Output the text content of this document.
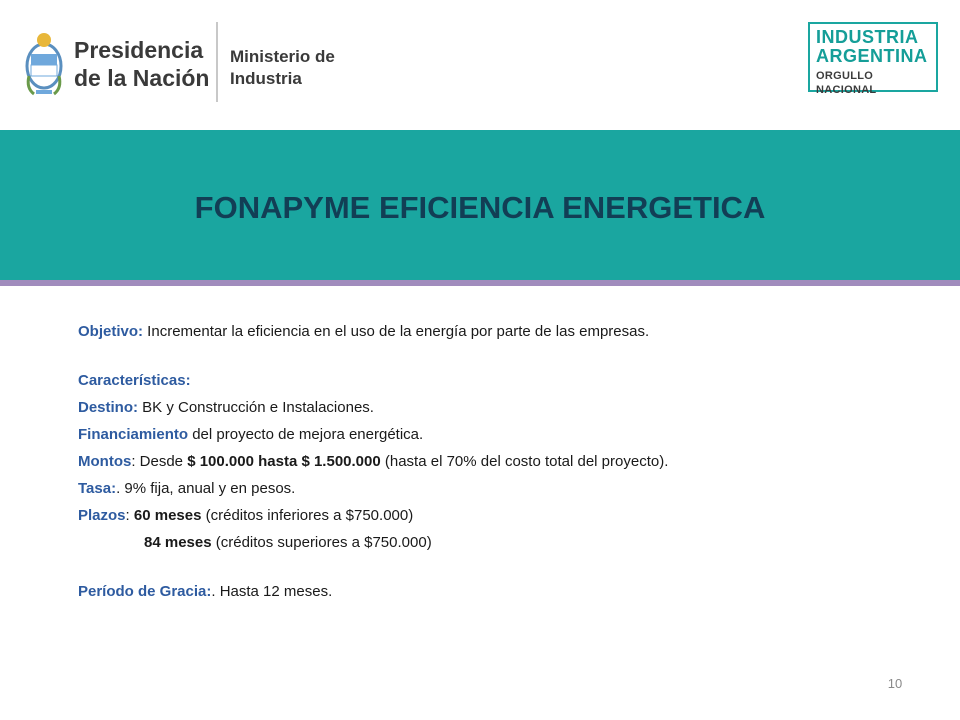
Presidencia
de la Nación
Ministerio de
Industria
INDUSTRIA
ARGENTINA
ORGULLO NACIONAL
FONAPYME EFICIENCIA ENERGETICA
Objetivo: Incrementar la eficiencia en el uso de la energía por parte de las empresas.
Características:
Destino: BK y Construcción e Instalaciones.
Financiamiento del proyecto de mejora energética.
Montos: Desde $ 100.000 hasta $ 1.500.000 (hasta el 70% del costo total del proyecto).
Tasa:. 9% fija, anual y en pesos.
Plazos: 60 meses (créditos inferiores a $750.000)
84 meses (créditos superiores a $750.000)
Período de Gracia:. Hasta 12 meses.
10
